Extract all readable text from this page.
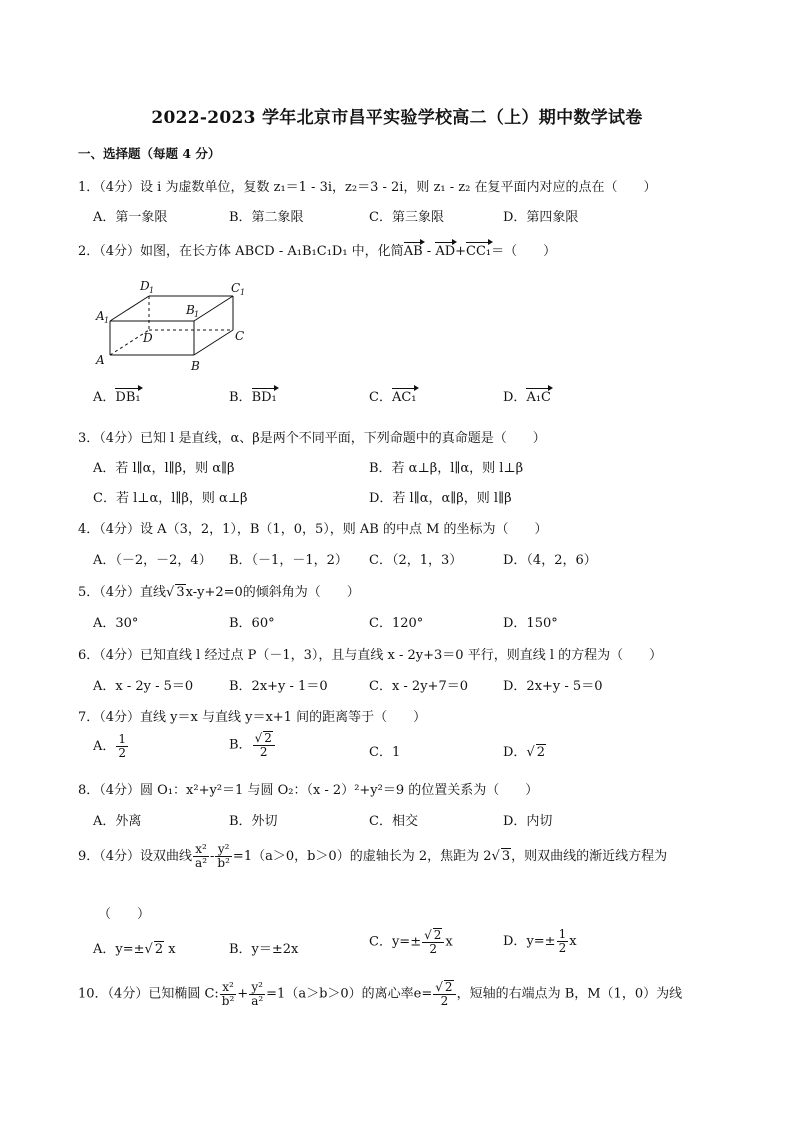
2022-2023 学年北京市昌平实验学校高二（上）期中数学试卷
一、选择题（每题 4 分）
1．（4分）设 i 为虚数单位，复数 z₁＝1 - 3i，z₂＝3 - 2i，则 z₁ - z₂ 在复平面内对应的点在（　　）
A．第一象限	B．第二象限	C．第三象限	D．第四象限
2．（4分）如图，在长方体 ABCD - A₁B₁C₁D₁ 中，化简AB - AD+CC₁＝（　　）
D 1	C 1
A 1
B 1
D	C
A	B
A．DB₁	B．BD₁	C．AC₁	D．A₁C
3．（4分）已知 l 是直线，α、β是两个不同平面，下列命题中的真命题是（　　）
A．若 l∥α，l∥β，则 α∥β	B．若 α⊥β，l∥α，则 l⊥β
C．若 l⊥α，l∥β，则 α⊥β	D．若 l∥α，α∥β，则 l∥β
4．（4分）设 A（3，2，1），B（1，0，5），则 AB 的中点 M 的坐标为（　　）
A．（－2，－2，4） B．（－1，－1，2） C．（2，1，3）	D．（4，2，6）
5．（4分）直线√ 3x-y+2=0的倾斜角为（　　）
A．30°	B．60°	C．120°	D．150°
6．（4分）已知直线 l 经过点 P（－1，3），且与直线 x - 2y+3＝0 平行，则直线 l 的方程为（　　）
A．x - 2y - 5＝0	B．2x+y - 1＝0	C．x - 2y+7＝0	D．2x+y - 5＝0
7．（4分）直线 y＝x 与直线 y＝x+1 间的距离等于（　　）
A． $\frac{1}{2}$	B． $\frac{√ 2}{2}$	C．1	D．√ 2
8．（4分）圆 O₁：x²+y²＝1 与圆 O₂：（x - 2）²+y²＝9 的位置关系为（　　）
A．外离	B．外切	C．相交	D．内切
9．（4分）设双曲线 $\frac{\text{x²}}{\text{a²}} - \frac{\text{y²}}{\text{b²}} =1(a>0$，b＞0）的虚轴长为 2，焦距为 2√ 3，则双曲线的渐近线方程为
（　　）
A．y=±√ 2 x	B．y＝±2x	C．$y=\pm \frac{√ 2}{2}$ x	D．$y=\pm \frac{1}{2}$ x
10．（4分）已知椭圆 C: $\frac{\text{x²}}{\text{b²}} + \frac{\text{y²}}{\text{a²}} =1(a>b>0)$的离心率$e= \frac{√ 2}{2}$ ，短轴的右端点为 B，M（1，0）为线
